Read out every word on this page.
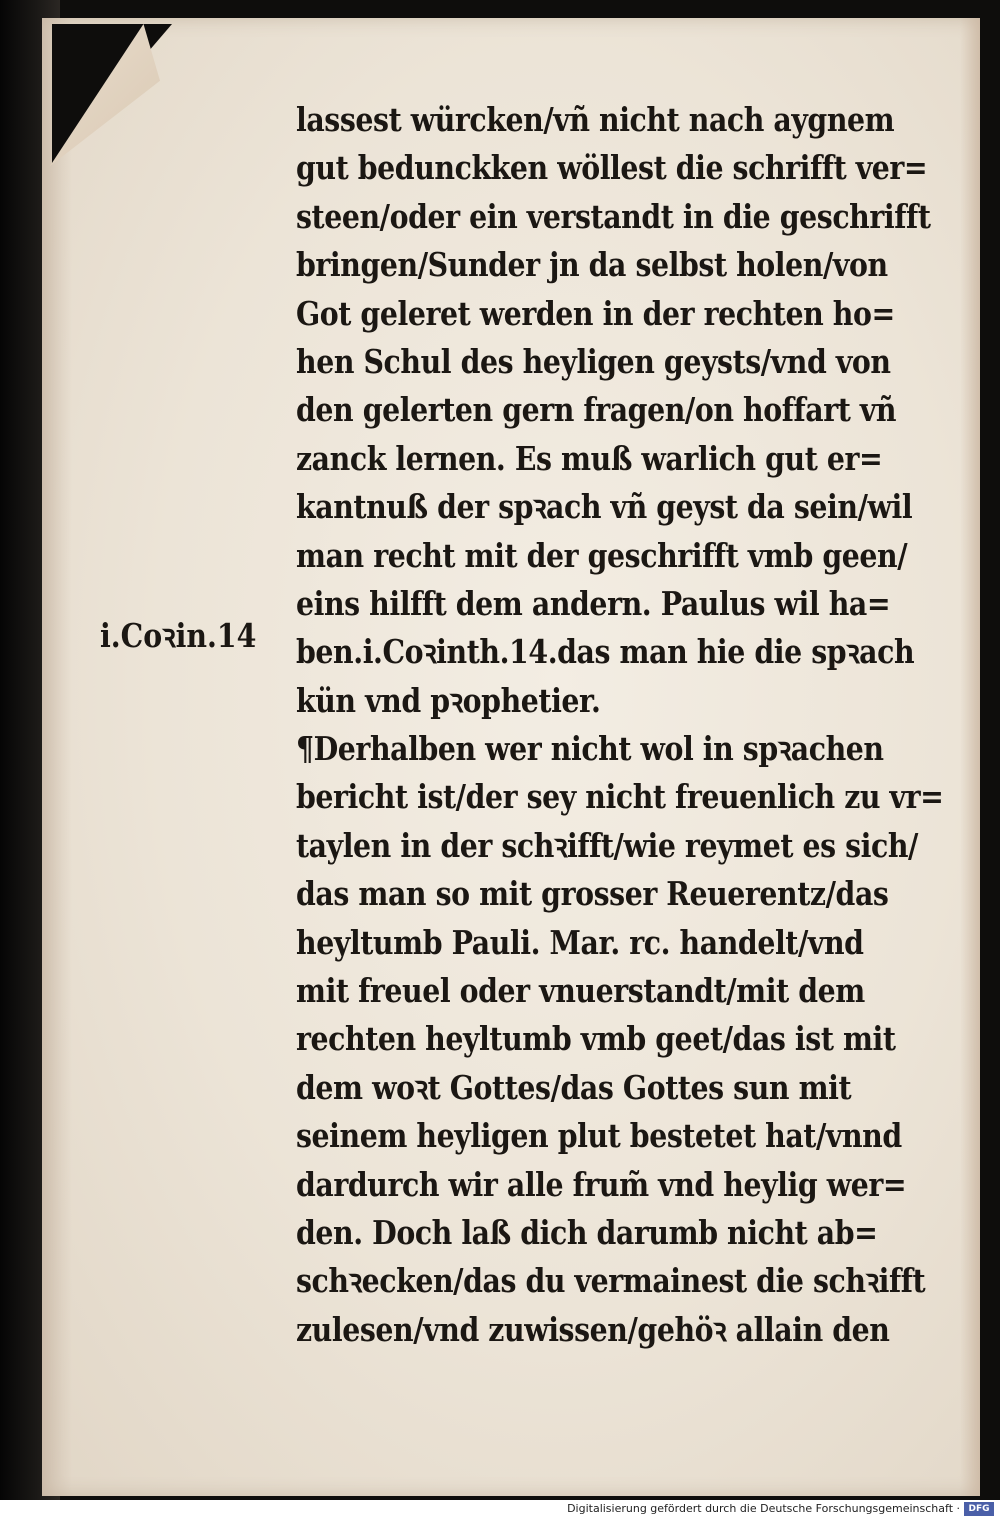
i.Coꝛin.14
lassest würcken/vñ nicht nach aygnem
gut bedunckken wöllest die schrifft ver=
steen/oder ein verstandt in die geschrifft
bringen/Sunder jn da selbst holen/von
Got geleret werden in der rechten ho=
hen Schul des heyligen geysts/vnd von
den gelerten gern fragen/on hoffart vñ
zanck lernen. Es muß warlich gut er=
kantnuß der spꝛach vñ geyst da sein/wil
man recht mit der geschrifft vmb geen/
eins hilfft dem andern. Paulus wil ha=
ben.i.Coꝛinth.14.das man hie die spꝛach
kün vnd pꝛophetier.
¶Derhalben wer nicht wol in spꝛachen
bericht ist/der sey nicht freuenlich zu vr=
taylen in der schꝛifft/wie reymet es sich/
das man so mit grosser Reuerentz/das
heyltumb Pauli. Mar. rc. handelt/vnd
mit freuel oder vnuerstandt/mit dem
rechten heyltumb vmb geet/das ist mit
dem woꝛt Gottes/das Gottes sun mit
seinem heyligen plut bestetet hat/vnnd
dardurch wir alle frum̃ vnd heylig wer=
den. Doch laß dich darumb nicht ab=
schꝛecken/das du vermainest die schꝛifft
zulesen/vnd zuwissen/gehöꝛ allain den
Digitalisierung gefördert durch die Deutsche Forschungsgemeinschaft · DFG
